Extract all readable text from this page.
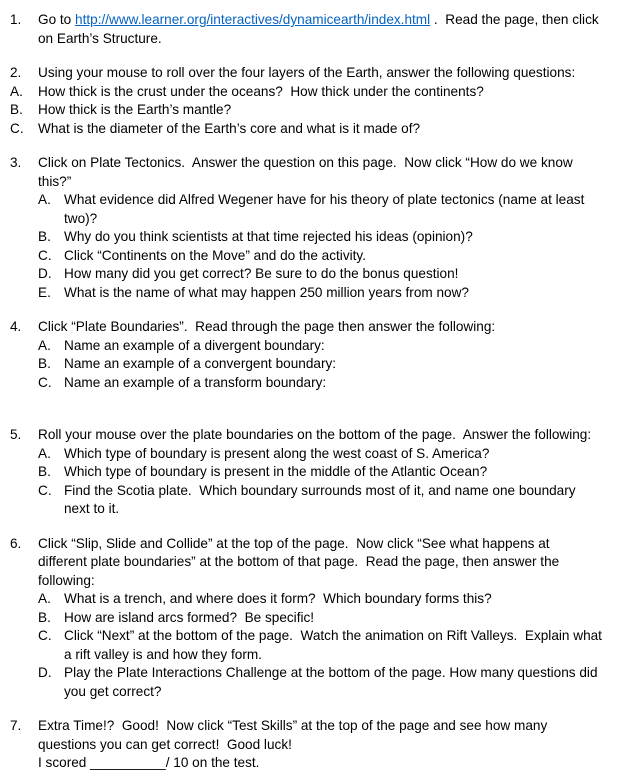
1. Go to http://www.learner.org/interactives/dynamicearth/index.html .  Read the page, then click on Earth’s Structure.
2. Using your mouse to roll over the four layers of the Earth, answer the following questions:
A. How thick is the crust under the oceans?  How thick under the continents?
B. How thick is the Earth’s mantle?
C. What is the diameter of the Earth’s core and what is it made of?
3. Click on Plate Tectonics.  Answer the question on this page.  Now click “How do we know this?”
A. What evidence did Alfred Wegener have for his theory of plate tectonics (name at least two)?
B. Why do you think scientists at that time rejected his ideas (opinion)?
C. Click “Continents on the Move” and do the activity.
D. How many did you get correct? Be sure to do the bonus question!
E. What is the name of what may happen 250 million years from now?
4. Click “Plate Boundaries”.  Read through the page then answer the following:
A. Name an example of a divergent boundary:
B. Name an example of a convergent boundary:
C. Name an example of a transform boundary:
5. Roll your mouse over the plate boundaries on the bottom of the page.  Answer the following:
A. Which type of boundary is present along the west coast of S. America?
B. Which type of boundary is present in the middle of the Atlantic Ocean?
C. Find the Scotia plate.  Which boundary surrounds most of it, and name one boundary next to it.
6. Click “Slip, Slide and Collide” at the top of the page.  Now click “See what happens at different plate boundaries” at the bottom of that page.  Read the page, then answer the following:
A. What is a trench, and where does it form?  Which boundary forms this?
B. How are island arcs formed?  Be specific!
C. Click “Next” at the bottom of the page.  Watch the animation on Rift Valleys.  Explain what a rift valley is and how they form.
D. Play the Plate Interactions Challenge at the bottom of the page. How many questions did you get correct?
7. Extra Time!?  Good!  Now click “Test Skills” at the top of the page and see how many questions you can get correct!  Good luck!
I scored __________/ 10 on the test.
